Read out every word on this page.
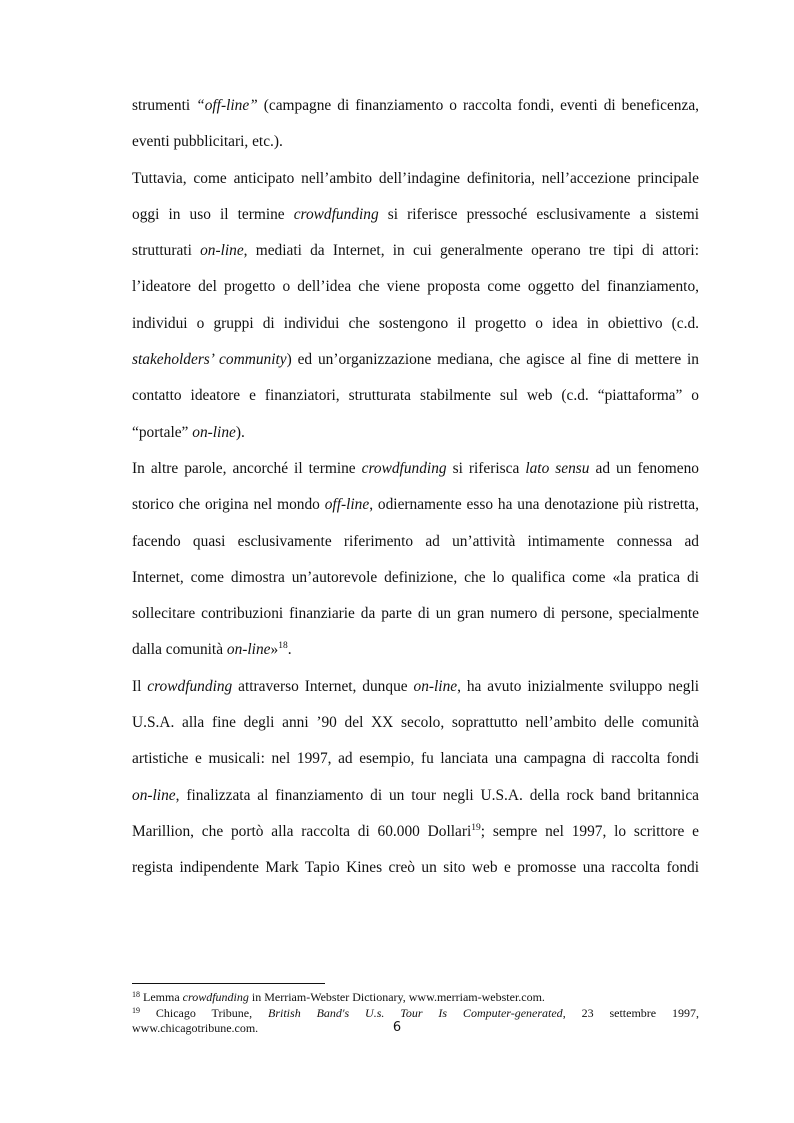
strumenti “off-line” (campagne di finanziamento o raccolta fondi, eventi di beneficenza,
eventi pubblicitari, etc.).
Tuttavia, come anticipato nell’ambito dell’indagine definitoria, nell’accezione principale
oggi in uso il termine crowdfunding si riferisce pressoché esclusivamente a sistemi
strutturati on-line, mediati da Internet, in cui generalmente operano tre tipi di attori:
l’ideatore del progetto o dell’idea che viene proposta come oggetto del finanziamento,
individui o gruppi di individui che sostengono il progetto o idea in obiettivo (c.d.
stakeholders’ community) ed un’organizzazione mediana, che agisce al fine di mettere in
contatto ideatore e finanziatori, strutturata stabilmente sul web (c.d. “piattaforma” o
“portale” on-line).
In altre parole, ancorché il termine crowdfunding si riferisca lato sensu ad un fenomeno
storico che origina nel mondo off-line, odiernamente esso ha una denotazione più ristretta,
facendo quasi esclusivamente riferimento ad un’attività intimamente connessa ad
Internet, come dimostra un’autorevole definizione, che lo qualifica come «la pratica di
sollecitare contribuzioni finanziarie da parte di un gran numero di persone, specialmente
dalla comunità on-line»$^{18}$.
Il crowdfunding attraverso Internet, dunque on-line, ha avuto inizialmente sviluppo negli
U.S.A. alla fine degli anni ’90 del XX secolo, soprattutto nell’ambito delle comunità
artistiche e musicali: nel 1997, ad esempio, fu lanciata una campagna di raccolta fondi
on-line, finalizzata al finanziamento di un tour negli U.S.A. della rock band britannica
Marillion, che portò alla raccolta di 60.000 Dollari$^{19}$; sempre nel 1997, lo scrittore e
regista indipendente Mark Tapio Kines creò un sito web e promosse una raccolta fondi
$^{18}$ Lemma crowdfunding in Merriam-Webster Dictionary, www.merriam-webster.com.
$^{19}$ Chicago Tribune, British Band's U.s. Tour Is Computer-generated, 23 settembre 1997,
www.chicagotribune.com.	6
